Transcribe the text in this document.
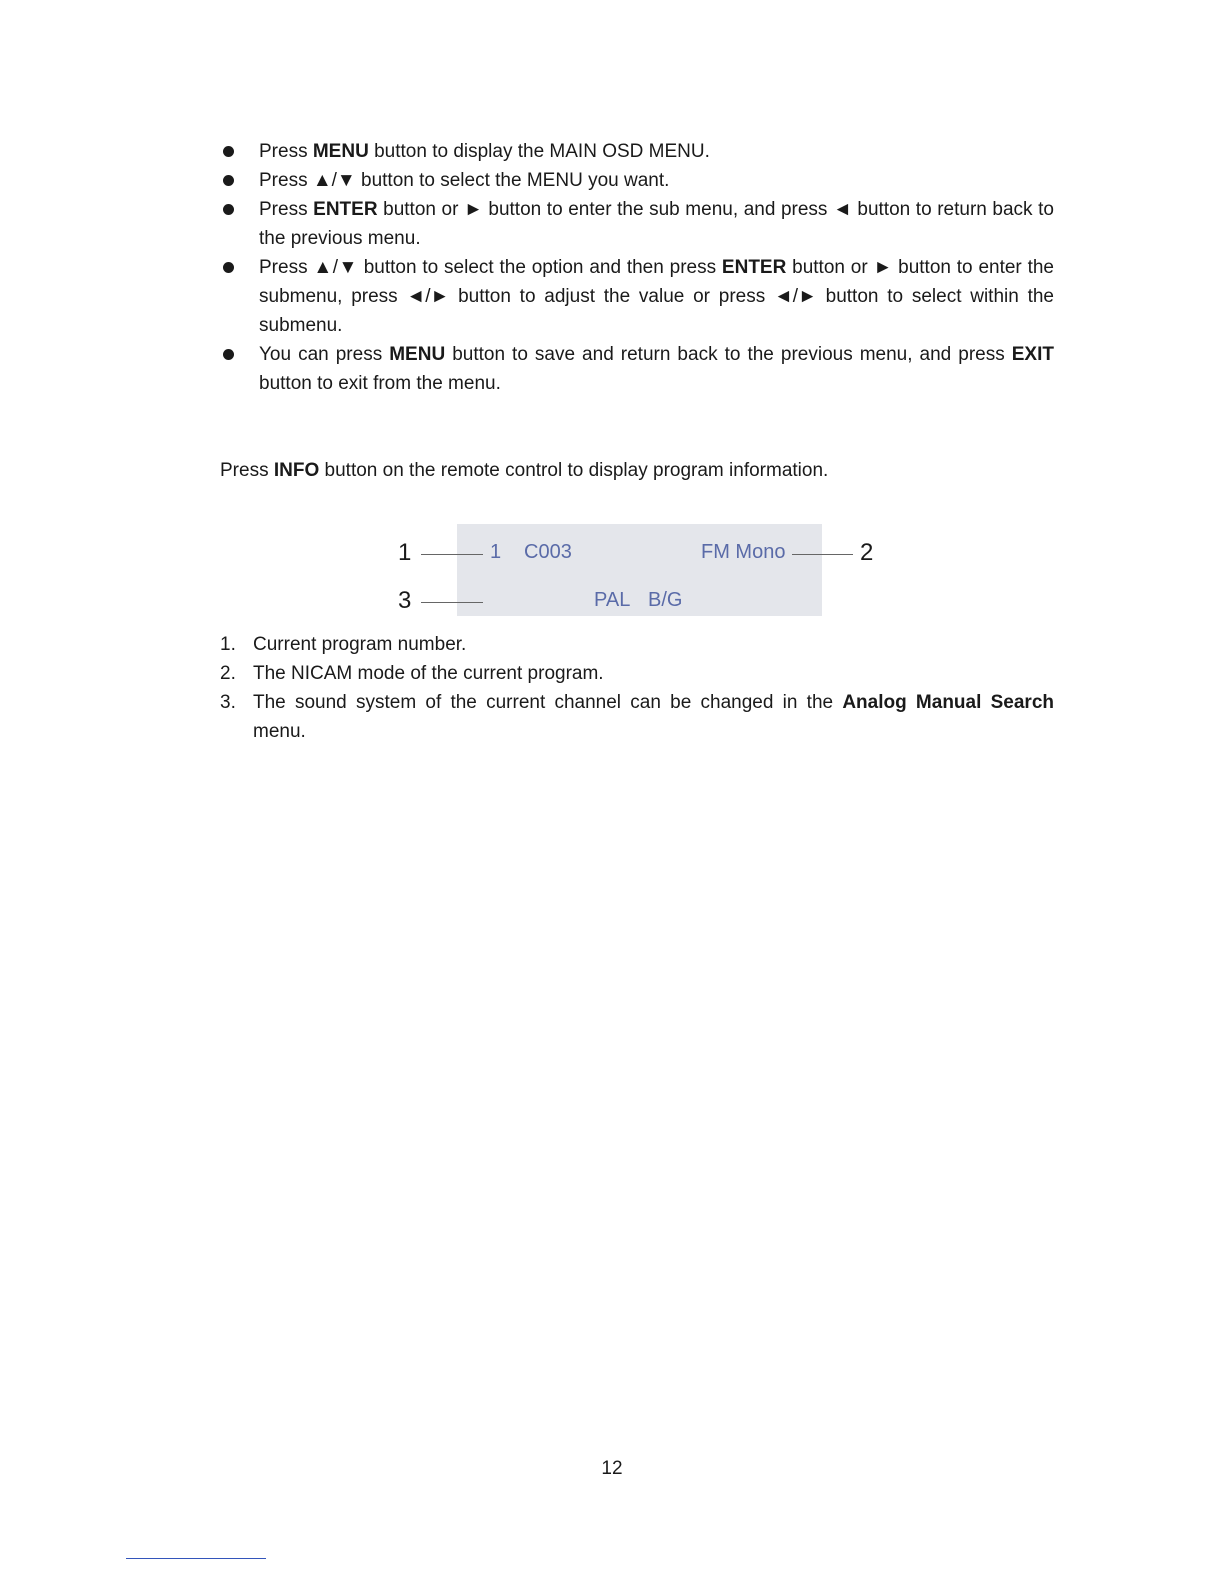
Press MENU button to display the MAIN OSD MENU.
Press ▲/▼ button to select the MENU you want.
Press ENTER button or ► button to enter the sub menu, and press ◄ button to return back to the previous menu.
Press ▲/▼ button to select the option and then press ENTER button or ► button to enter the submenu, press ◄/► button to adjust the value or press ◄/► button to select within the submenu.
You can press MENU button to save and return back to the previous menu, and press EXIT button to exit from the menu.

Press INFO button on the remote control to display program information.

1 C003	FM Mono
PAL B/G
1	2
3
1. Current program number.
2. The NICAM mode of the current program.
3. The sound system of the current channel can be changed in the Analog Manual Search menu.
12
